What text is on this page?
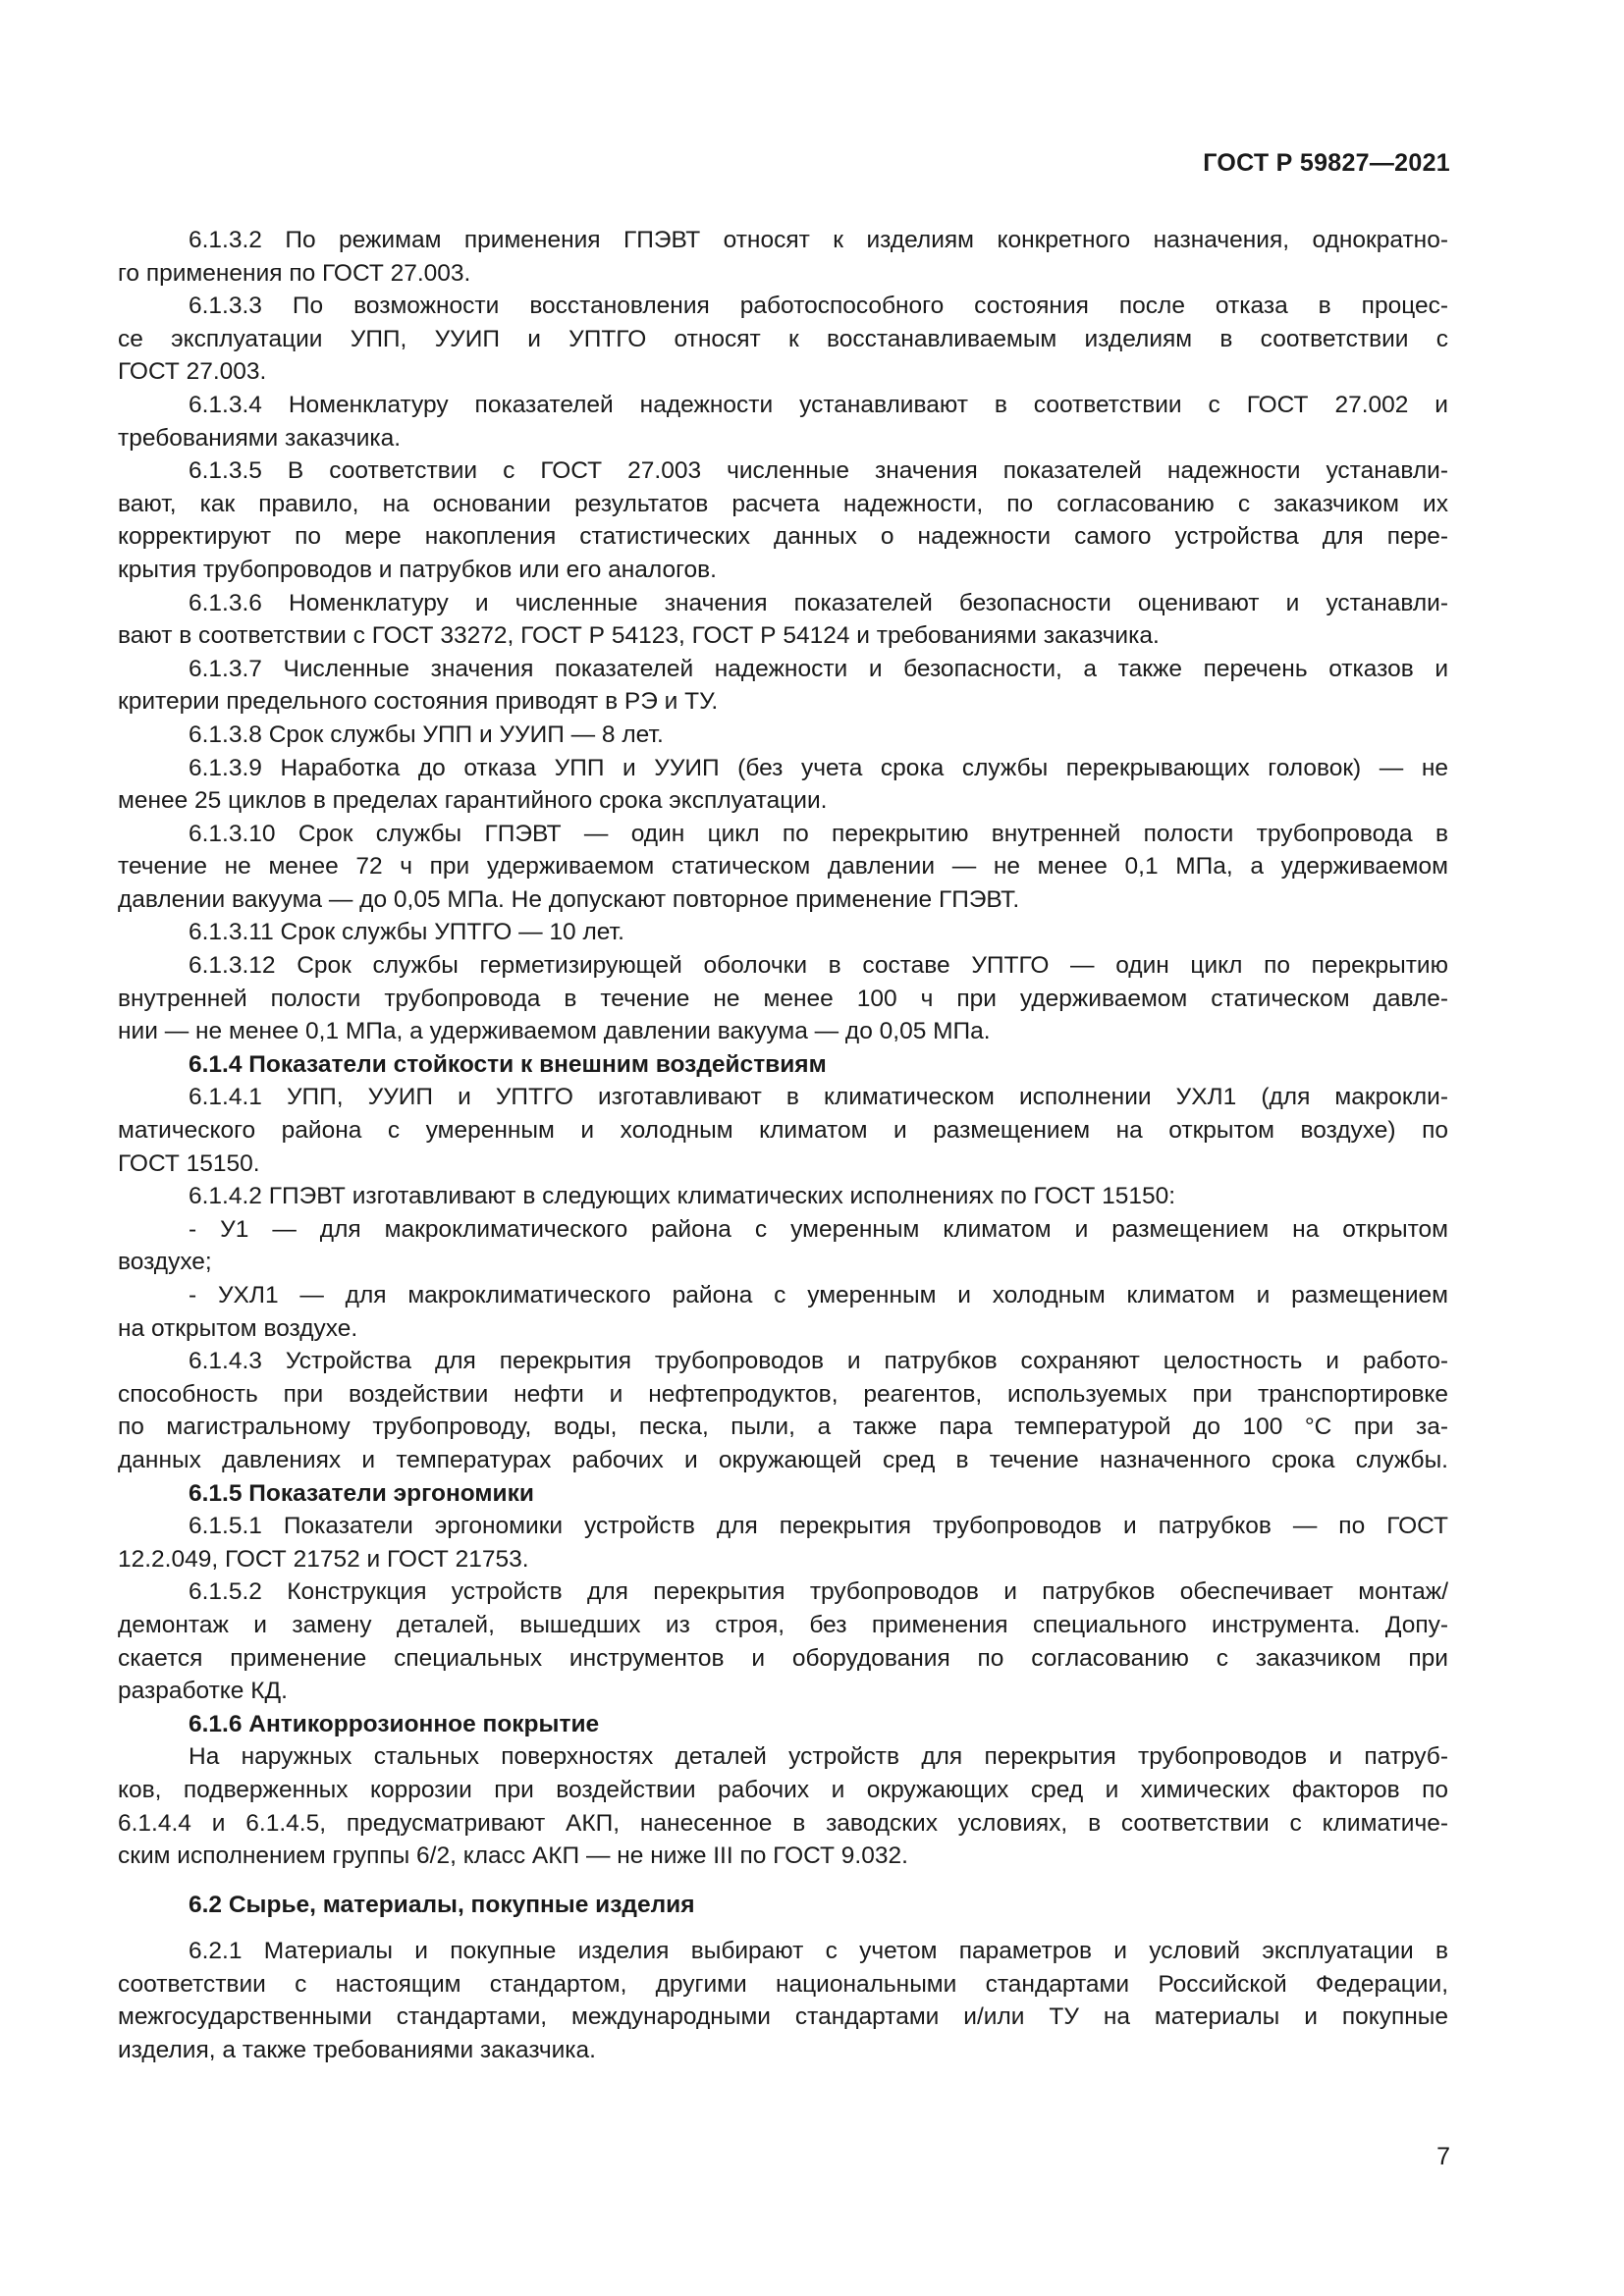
ГОСТ Р 59827—2021
6.1.3.2 По режимам применения ГПЭВТ относят к изделиям конкретного назначения, однократно-
го применения по ГОСТ 27.003.
6.1.3.3 По возможности восстановления работоспособного состояния после отказа в процес-
се эксплуатации УПП, УУИП и УПТГО относят к восстанавливаемым изделиям в соответствии с
ГОСТ 27.003.
6.1.3.4 Номенклатуру показателей надежности устанавливают в соответствии с ГОСТ 27.002 и
требованиями заказчика.
6.1.3.5 В соответствии с ГОСТ 27.003 численные значения показателей надежности устанавли-
вают, как правило, на основании результатов расчета надежности, по согласованию с заказчиком их
корректируют по мере накопления статистических данных о надежности самого устройства для пере-
крытия трубопроводов и патрубков или его аналогов.
6.1.3.6 Номенклатуру и численные значения показателей безопасности оценивают и устанавли-
вают в соответствии с ГОСТ 33272, ГОСТ Р 54123, ГОСТ Р 54124 и требованиями заказчика.
6.1.3.7 Численные значения показателей надежности и безопасности, а также перечень отказов и
критерии предельного состояния приводят в РЭ и ТУ.
6.1.3.8 Срок службы УПП и УУИП — 8 лет.
6.1.3.9 Наработка до отказа УПП и УУИП (без учета срока службы перекрывающих головок) — не
менее 25 циклов в пределах гарантийного срока эксплуатации.
6.1.3.10 Срок службы ГПЭВТ — один цикл по перекрытию внутренней полости трубопровода в
течение не менее 72 ч при удерживаемом статическом давлении — не менее 0,1 МПа, а удерживаемом
давлении вакуума — до 0,05 МПа. Не допускают повторное применение ГПЭВТ.
6.1.3.11 Срок службы УПТГО — 10 лет.
6.1.3.12 Срок службы герметизирующей оболочки в составе УПТГО — один цикл по перекрытию
внутренней полости трубопровода в течение не менее 100 ч при удерживаемом статическом давле-
нии — не менее 0,1 МПа, а удерживаемом давлении вакуума — до 0,05 МПа.
6.1.4 Показатели стойкости к внешним воздействиям
6.1.4.1 УПП, УУИП и УПТГО изготавливают в климатическом исполнении УХЛ1 (для макрокли-
матического района с умеренным и холодным климатом и размещением на открытом воздухе) по
ГОСТ 15150.
6.1.4.2 ГПЭВТ изготавливают в следующих климатических исполнениях по ГОСТ 15150:
- У1 — для макроклиматического района с умеренным климатом и размещением на открытом
воздухе;
- УХЛ1 — для макроклиматического района с умеренным и холодным климатом и размещением
на открытом воздухе.
6.1.4.3 Устройства для перекрытия трубопроводов и патрубков сохраняют целостность и работо-
способность при воздействии нефти и нефтепродуктов, реагентов, используемых при транспортировке
по магистральному трубопроводу, воды, песка, пыли, а также пара температурой до 100 °С при за-
данных давлениях и температурах рабочих и окружающей сред в течение назначенного срока службы.
6.1.5 Показатели эргономики
6.1.5.1 Показатели эргономики устройств для перекрытия трубопроводов и патрубков — по ГОСТ
12.2.049, ГОСТ 21752 и ГОСТ 21753.
6.1.5.2 Конструкция устройств для перекрытия трубопроводов и патрубков обеспечивает монтаж/
демонтаж и замену деталей, вышедших из строя, без применения специального инструмента. Допу-
скается применение специальных инструментов и оборудования по согласованию с заказчиком при
разработке КД.
6.1.6 Антикоррозионное покрытие
На наружных стальных поверхностях деталей устройств для перекрытия трубопроводов и патруб-
ков, подверженных коррозии при воздействии рабочих и окружающих сред и химических факторов по
6.1.4.4 и 6.1.4.5, предусматривают АКП, нанесенное в заводских условиях, в соответствии с климатиче-
ским исполнением группы 6/2, класс АКП — не ниже III по ГОСТ 9.032.
6.2 Сырье, материалы, покупные изделия
6.2.1 Материалы и покупные изделия выбирают с учетом параметров и условий эксплуатации в
соответствии с настоящим стандартом, другими национальными стандартами Российской Федерации,
межгосударственными стандартами, международными стандартами и/или ТУ на материалы и покупные
изделия, а также требованиями заказчика.
7
